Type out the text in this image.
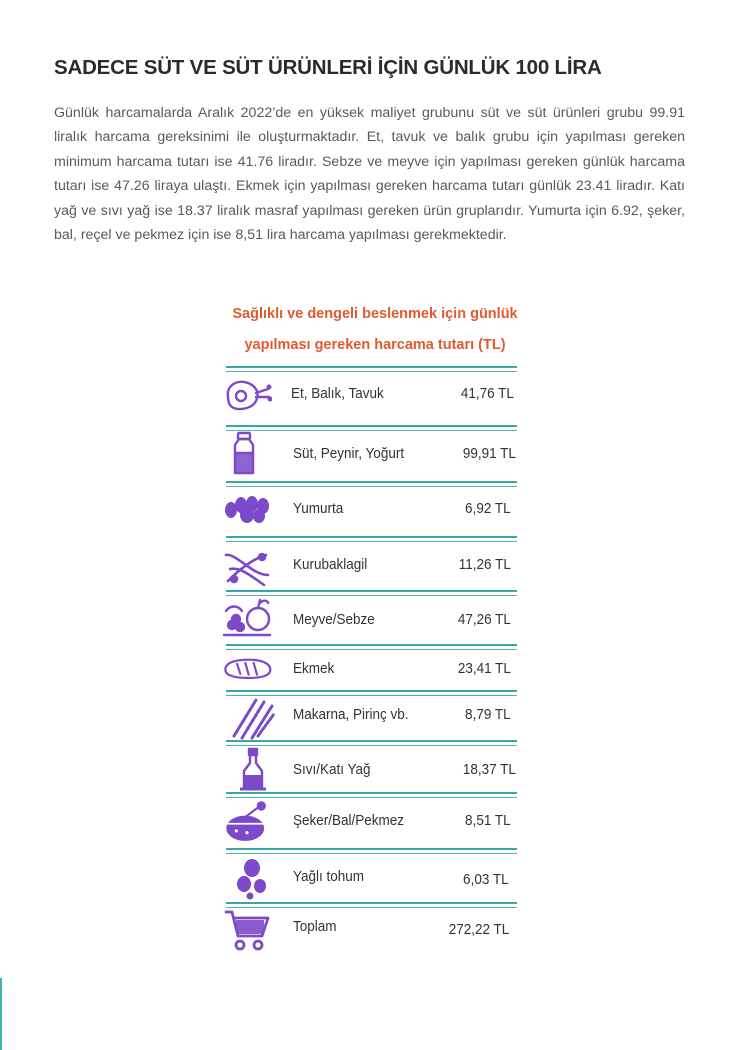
SADECE SÜT VE SÜT ÜRÜNLERİ İÇİN GÜNLÜK 100 LİRA

Günlük harcamalarda Aralık 2022’de en yüksek maliyet grubunu süt ve süt ürünleri grubu 99.91 liralık harcama gereksinimi ile oluşturmaktadır. Et, tavuk ve balık grubu için yapılması gereken minimum harcama tutarı ise 41.76 liradır. Sebze ve meyve için yapılması gereken günlük harcama tutarı ise 47.26 liraya ulaştı. Ekmek için yapılması gereken harcama tutarı günlük 23.41 liradır. Katı yağ ve sıvı yağ ise 18.37 liralık masraf yapılması gereken ürün gruplarıdır. Yumurta için 6.92, şeker, bal, reçel ve pekmez için ise 8,51 lira harcama yapılması gerekmektedir.

Sağlıklı ve dengeli beslenmek için günlük
yapılması gereken harcama tutarı (TL)
Et, Balık, Tavuk	41,76 TL
Süt, Peynir, Yoğurt	99,91 TL
Yumurta	6,92 TL
Kurubaklagil	11,26 TL
Meyve/Sebze	47,26 TL
Ekmek	23,41 TL
Makarna, Pirinç vb.	8,79 TL
Sıvı/Katı Yağ	18,37 TL
Şeker/Bal/Pekmez	8,51 TL
Yağlı tohum	6,03 TL
Toplam	272,22 TL
